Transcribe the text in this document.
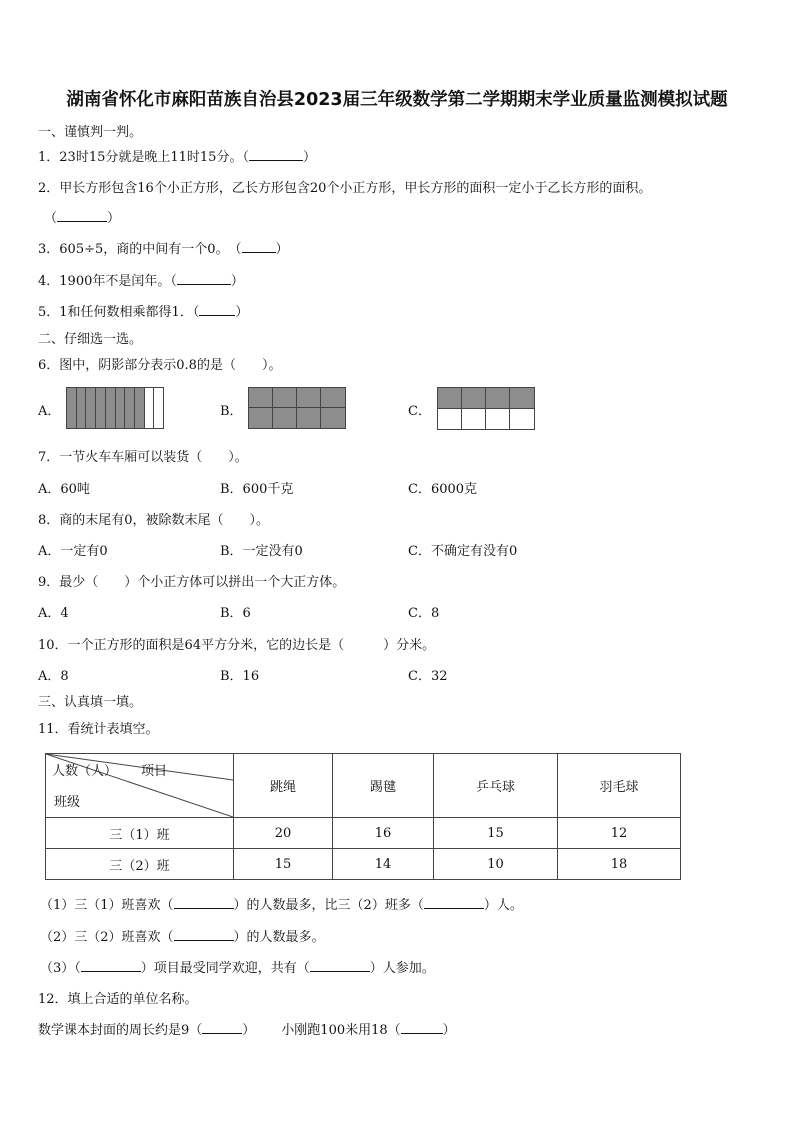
湖南省怀化市麻阳苗族自治县2023届三年级数学第二学期期末学业质量监测模拟试题
一、谨慎判一判。
1．23时15分就是晚上11时15分。（	）
2．甲长方形包含16个小正方形，乙长方形包含20个小正方形，甲长方形的面积一定小于乙长方形的面积。
（	）
3．605÷5，商的中间有一个0。　（	）
4．1900年不是闰年。（	）
5．1和任何数相乘都得1．（	）
二、仔细选一选。
6．图中，阴影部分表示0.8的是（　　）。
A．	B．	C．
7．一节火车车厢可以装货（　　）。
A．60吨	B．600千克	C．6000克
8．商的末尾有0，被除数末尾（　　）。
A．一定有0	B．一定没有0	C．不确定有没有0
9．最少（　　）个小正方体可以拼出一个大正方体。
A．4	B．6	C．8
10．一个正方形的面积是64平方分米，它的边长是（　　　）分米。
A．8	B．16	C．32
三、认真填一填。
11．看统计表填空。
人数（人） 项目
班级	跳绳	踢毽	乒乓球	羽毛球
三（1）班	20	16	15	12
三（2）班	15	14	10	18
（1）三（1）班喜欢（	）的人数最多，比三（2）班多（	）人。
（2）三（2）班喜欢（	）的人数最多。
（3）（	）项目最受同学欢迎，共有（	）人参加。
12．填上合适的单位名称。
数学课本封面的周长约是9（	） 小刚跑100米用18（	）
